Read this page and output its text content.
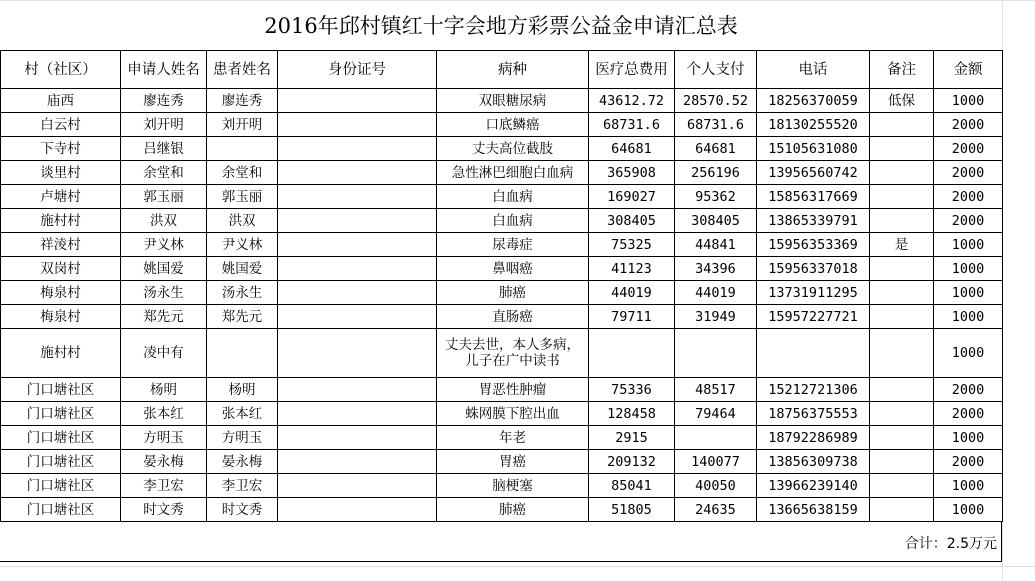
2016年邱村镇红十字会地方彩票公益金申请汇总表
村（社区）	申请人姓名	患者姓名	身份证号	病种	医疗总费用	个人支付	电话	备注	金额
庙西	廖连秀	廖连秀		双眼糖尿病	43612.72	28570.52	18256370059	低保	1000
白云村	刘开明	刘开明		口底鳞癌	68731.6	68731.6	18130255520		2000
下寺村	吕继银			丈夫高位截肢	64681	64681	15105631080		2000
谈里村	余堂和	余堂和		急性淋巴细胞白血病	365908	256196	13956560742		2000
卢塘村	郭玉丽	郭玉丽		白血病	169027	95362	15856317669		2000
施村村	洪双	洪双		白血病	308405	308405	13865339791		2000
祥淩村	尹义林	尹义林		尿毒症	75325	44841	15956353369	是	1000
双岗村	姚国爱	姚国爱		鼻咽癌	41123	34396	15956337018		1000
梅泉村	汤永生	汤永生		肺癌	44019	44019	13731911295		1000
梅泉村	郑先元	郑先元		直肠癌	79711	31949	15957227721		1000
施村村	凌中有			丈夫去世，本人多病，儿子在广中读书					1000
门口塘社区	杨明	杨明		胃恶性肿瘤	75336	48517	15212721306		2000
门口塘社区	张本红	张本红		蛛网膜下腔出血	128458	79464	18756375553		2000
门口塘社区	方明玉	方明玉		年老	2915		18792286989		1000
门口塘社区	晏永梅	晏永梅		胃癌	209132	140077	13856309738		2000
门口塘社区	李卫宏	李卫宏		脑梗塞	85041	40050	13966239140		1000
门口塘社区	时文秀	时文秀		肺癌	51805	24635	13665638159		1000
合计：2.5万元
